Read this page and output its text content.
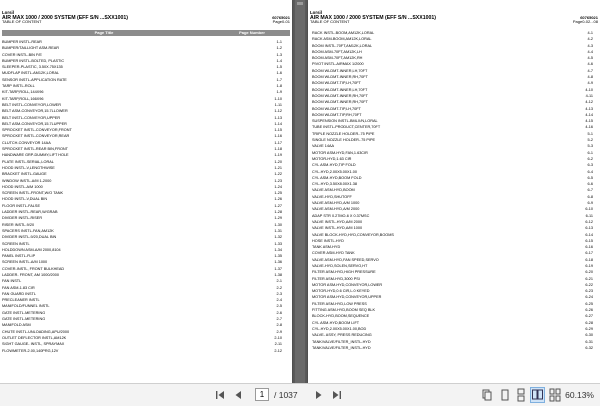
Lorsil
AIR MAX 1000 / 2000 SYSTEM (EFF S/N ...SXX1001)
TABLE OF CONTENT
60765021
Page0-01
Page Title	Page Number
BUMPER INSTL-REAR	1-1
BUMPER/TAILLIGHT ASM-REAR	1-2
COVER INSTL-BIN F/E	1-3
BUMPER INSTL-BOLTED, PLASTIC	1-4
SLEEPER-PLASTIC, 3.50X.75X135	1-5
MUDFLAP INSTL-AM12K,LORAL	1-6
SENSOR INSTL-APPLICATION RATE	1-7
TARP INSTL-ROLL	1-8
KIT-TARP,ROLL,144X96	1-9
KIT-TARP,ROLL,166X96	1-10
BELT INSTL-CONVEYOR,LOWER	1-11
BELT ASM-CONVEYOR,15.7LLOWER	1-12
BELT INSTL-CONVEYOR,UPPER	1-13
BELT ASM-CONVEYOR,15.7LUPPER	1-14
SPROCKET INSTL-CONVEYOR,FRONT	1-15
SPROCKET INSTL-CONVEYOR,REAR	1-16
CLUTCH-CONVEYOR 14AA	1-17
SPROCKET INSTL-REAR BIN,FRONT	1-18
HANDWARE GRP-DUMMY,LIFT HOLE	1-19
PLATE INSTL-SERIAL,LORAL	1-20
HOOD INSTL-V,LENGTHWISE	1-21
BRACKET INSTL-GAUGE	1-22
WINDOW INSTL-A/M 1-2000	1-23
HOOD INSTL-A/M 1000	1-24
SCREEN INSTL-FRONT,W/O TANK	1-25
HOOD INSTL-V,DUAL BIN	1-26
FLOOR INSTL-FALSE	1-27
LADDER INSTL-REAR,W/GRAB	1-28
DIVIDER INSTL-RISER	1-29
RISER INSTL-9/20	1-30
SPACERS INSTL-FAN,AM12K	1-31
DIVIDER INSTL-9/20,DUAL BIN	1-32
SCREEN INSTL	1-33
HOLDDOWN ASM-A/M 2000,8104	1-34
PANEL INSTL-FLIP	1-35
SCREEN INSTL-A/M 1000	1-36
COVER-INSTL, FRONT BULKHEAD	1-37
LADDER- FRONT, AM 1000/2000	1-38
FAN INSTL	2-1
FAN ASM-1.83 CIR	2-2
FAN GUARD INSTL	2-3
PRECLEANER INSTL	2-4
MANIFOLD/FUNNEL INSTL	2-5
GATE INSTL-METERING	2-6
GATE INSTL-METERING	2-7
MANIFOLD ASM	2-8
CHUTE INSTL-UNLOADING,APU/2000	2-9
OUTLET DEFLECTOR INSTL,AM12K	2-10
SIGHT GAUGE- INSTL, SPRAYMAX	2-11
FLOWMETER-2.00,140PRG,12V	2-12
Lorsil
AIR MAX 1000 / 2000 SYSTEM (EFF S/N ...SXX1001)
TABLE OF CONTENT
60765021
Page0-02...08
RACK INSTL-BOOM,AM12K,LORAL	4-1
RACK ASM-BOOM,AM12K,LORAL	4-2
BOOM INSTL-70FT,AM12K,LORAL	4-3
BOOM ASM-70FT,AM12K,LH	4-4
BOOM ASM-70FT,AM12K,RH	4-5
PIVOT INSTL-AIRMAX 1/2000	4-6
BOOM WLDMT-INNER,LH,70FT	4-7
BOOM WLDMT-INNER,RH,70FT	4-8
BOOM WLDMT-TIP,LH,70FT	4-9
BOOM WLDMT-INNER,LH,70FT	4-10
BOOM WLDMT-INNER,RH,70FT	4-11
BOOM WLDMT-INNER,RH,70FT	4-12
BOOM WLDMT-TIP,LH,70FT	4-13
BOOM WLDMT-TIP,RH,70FT	4-14
SUSPENSION INSTL-BMLX/N,LORAL	4-15
TUBE INSTL-PRODUCT,CENTER,70FT	4-16
TRIPLE NOZZLE HOLDER-.75 PIPE	5-1
SINGLE NOZZLE HOLDER-.75 PIPE	5-2
VALVE 14AA	5-3
MOTOR ASM-HYD,FAN,1.63CIR	6-1
MOTOR-HYD,1.63 CIR	6-2
CYL ASM-HYD,TIP FOLD	6-3
CYL-HYD,2.00X5.00X1.00	6-4
CYL ASM-HYD,BOOM FOLD	6-5
CYL-HYD,3.50X8.00X1.38	6-6
VALVE ASM-HYD,BOOM	6-7
VALVE-HYD,SHUTOFF	6-8
VALVE ASM-HYD,A/M 1000	6-9
VALVE ASM-HYD,A/M 2000	6-10
ADAP STR 0.27MO-6 X 0.37MSC	6-11
VALVE INSTL-HYD,A/M 2000	6-12
VALVE INSTL-HYD,A/M 1000	6-13
VALVE BLOCK-HYD,HYD,CONVEYOR,BOOMS	6-14
HOSE INSTL-HYD	6-15
TANK ASM-HYD	6-16
COVER ASM-HYD TANK	6-17
VALVE ASM-HYD,FAN SPEED,SERVO	6-18
VALVE-HYD,SOLEN,SERVO,HT	6-19
FILTER ASM-HYD,HIGH PRESSURE	6-20
FILTER ASM-HYD,3000 PSI	6-21
MOTOR ASM-HYD,CONVEYOR,LOWER	6-22
MOTOR-HYD,0.6 CIR,L.0 KEYED	6-23
MOTOR ASM-HYD,CONVEYOR,UPPER	6-24
FILTER ASM-HYD,LOW PRESS	6-25
FITTING ASM-HYD,BOOM SEQ BLK	6-26
BLOCK-HYD,BOOM,SEQUENCE	6-27
CYL ASM-HYD,BOOM LIFT	6-28
CYL-HYD,2.00X5.00X1.00,BOD	6-29
VALVE- ASSY, PRESS REDUCING	6-30
TANK/VALVE/FILTER_INSTL-HYD	6-31
TANK/VALVE/FILTER_INSTL-HYD	6-32
1
/ 1037	60.13%
